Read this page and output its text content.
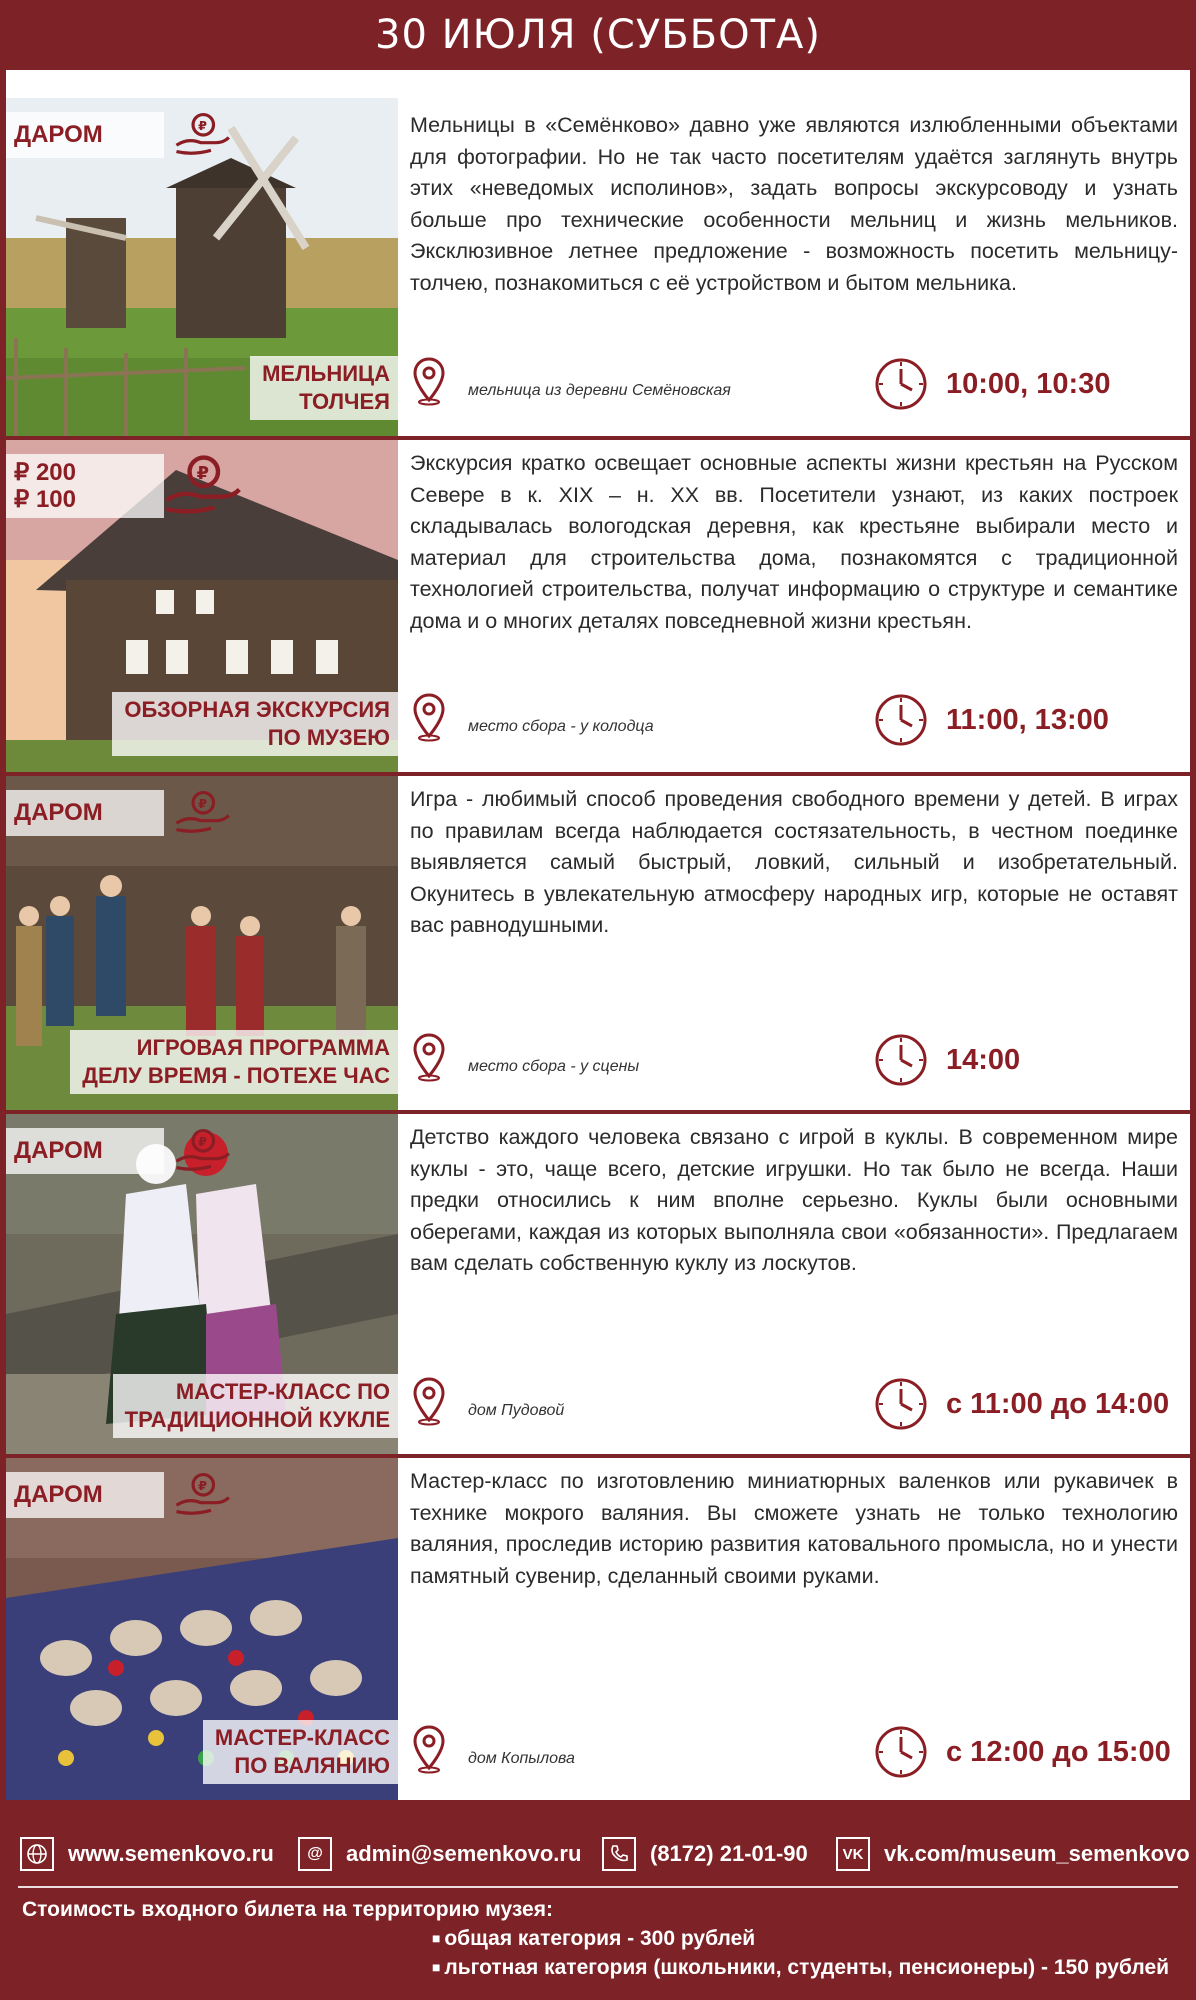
30 ИЮЛЯ (СУББОТА)
₽
ДАРОМ
МЕЛЬНИЦА
ТОЛЧЕЯ
Мельницы в «Семёнково» давно уже являются излюбленными объектами для фотографии. Но не так часто посетителям удаётся заглянуть внутрь этих «неведомых исполинов», задать вопросы экскурсоводу и узнать больше про технические особенности мельниц и жизнь мельников. Эксклюзивное летнее предложение - возможность посетить мельницу-толчею, познакомиться с её устройством и бытом мельника.
мельница из деревни Семёновская	10:00, 10:30
₽
₽ 200
₽ 100
ОБЗОРНАЯ ЭКСКУРСИЯ
ПО МУЗЕЮ
Экскурсия кратко освещает основные аспекты жизни крестьян на Русском Севере в к. XIX – н. XX вв. Посетители узнают, из каких построек складывалась вологодская деревня, как крестьяне выбирали место и материал для строительства дома, познакомятся с традиционной технологией строительства, получат информацию о структуре и семантике дома и о многих деталях повседневной жизни крестьян.
место сбора - у колодца	11:00, 13:00
₽
ДАРОМ
ИГРОВАЯ ПРОГРАММА
ДЕЛУ ВРЕМЯ - ПОТЕХЕ ЧАС
Игра - любимый способ проведения свободного времени у детей. В играх по правилам всегда наблюдается состязательность, в честном поединке выявляется самый быстрый, ловкий, сильный и изобретательный. Окунитесь в увлекательную атмосферу народных игр, которые не оставят вас равнодушными.
место сбора - у сцены	14:00
₽
ДАРОМ
МАСТЕР-КЛАСС ПО
ТРАДИЦИОННОЙ КУКЛЕ
Детство каждого человека связано с игрой в куклы. В современном мире куклы - это, чаще всего, детские игрушки. Но так было не всегда. Наши предки относились к ним вполне серьезно. Куклы были основными оберегами, каждая из которых выполняла свои «обязанности». Предлагаем вам сделать собственную куклу из лоскутов.
дом Пудовой	с 11:00 до 14:00
₽
ДАРОМ
МАСТЕР-КЛАСС
ПО ВАЛЯНИЮ
Мастер-класс по изготовлению миниатюрных валенков или рукавичек в технике мокрого валяния. Вы сможете узнать не только технологию валяния, проследив историю развития катовального промысла, но и унести памятный сувенир, сделанный своими руками.
дом Копылова	с 12:00 до 15:00
www.semenkovo.ru	@	admin@semenkovo.ru	(8172) 21-01-90	VK vk.com/museum_semenkovo
Стоимость входного билета на территорию музея:
■ общая категория - 300 рублей
■ льготная категория (школьники, студенты, пенсионеры) - 150 рублей
